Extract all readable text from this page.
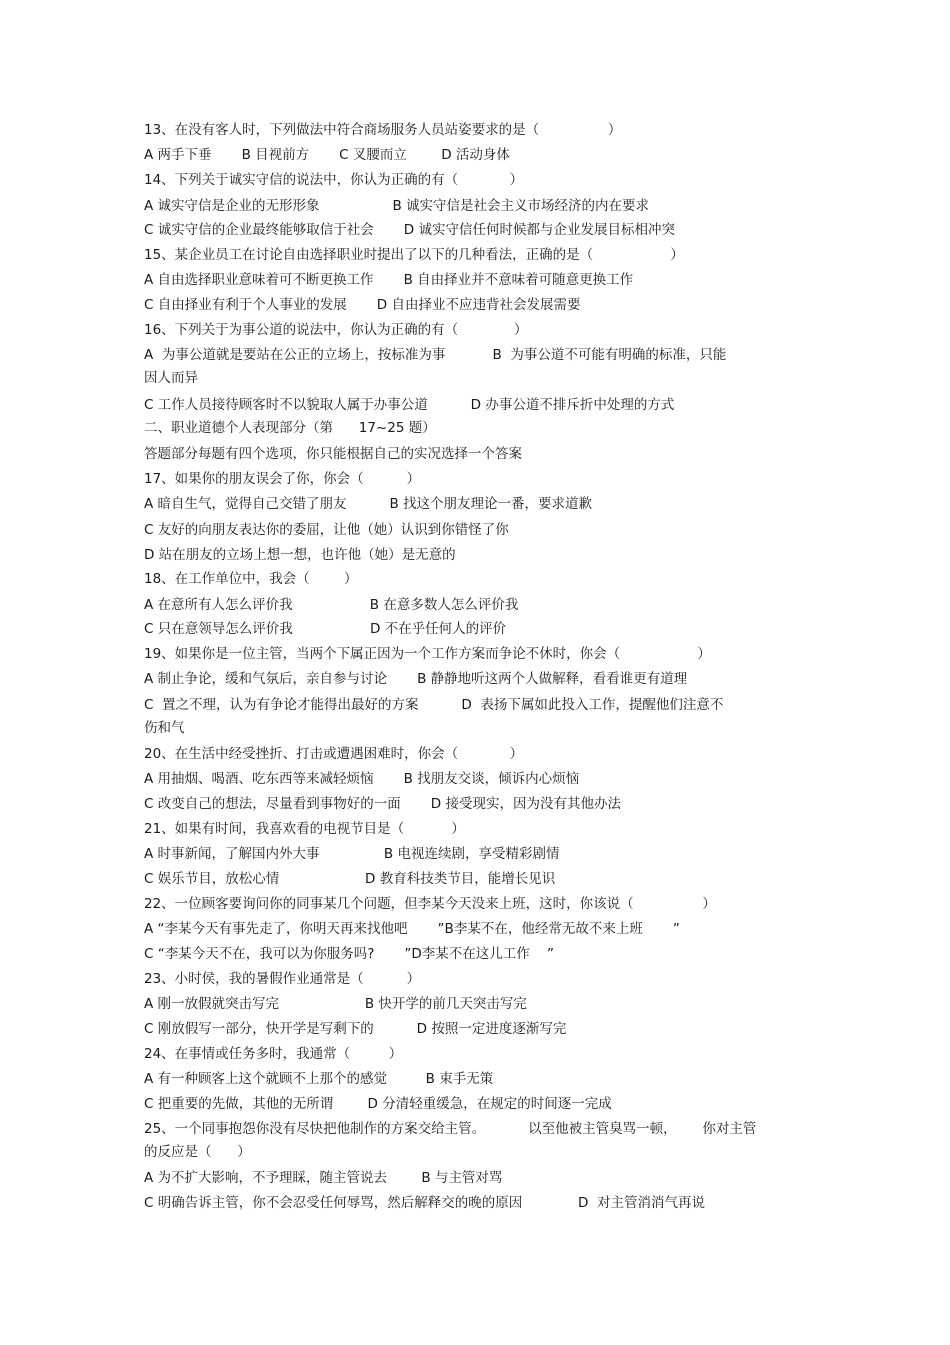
13、在没有客人时，下列做法中符合商场服务人员站姿要求的是（                ）
A 两手下垂       B 目视前方       C 叉腰而立        D 活动身体
14、下列关于诚实守信的说法中，你认为正确的有（            ）
A 诚实守信是企业的无形形象                 B 诚实守信是社会主义市场经济的内在要求
C 诚实守信的企业最终能够取信于社会       D 诚实守信任何时候都与企业发展目标相冲突
15、某企业员工在讨论自由选择职业时提出了以下的几种看法，正确的是（                  ）
A 自由选择职业意味着可不断更换工作       B 自由择业并不意味着可随意更换工作
C 自由择业有利于个人事业的发展       D 自由择业不应违背社会发展需要
16、下列关于为事公道的说法中，你认为正确的有（             ）
A  为事公道就是要站在公正的立场上，按标准为事           B  为事公道不可能有明确的标准，只能
因人而异
C 工作人员接待顾客时不以貌取人属于办事公道          D 办事公道不排斥折中处理的方式
二、职业道德个人表现部分（第      17~25 题）
答题部分每题有四个选项，你只能根据自己的实况选择一个答案
17、如果你的朋友误会了你，你会（          ）
A 暗自生气，觉得自己交错了朋友          B 找这个朋友理论一番，要求道歉
C 友好的向朋友表达你的委屈，让他（她）认识到你错怪了你
D 站在朋友的立场上想一想，也许他（她）是无意的
18、在工作单位中，我会（        ）
A 在意所有人怎么评价我                  B 在意多数人怎么评价我
C 只在意领导怎么评价我                  D 不在乎任何人的评价
19、如果你是一位主管，当两个下属正因为一个工作方案而争论不休时，你会（                  ）
A 制止争论，缓和气氛后，亲自参与讨论       B 静静地听这两个人做解释，看看谁更有道理
C  置之不理，认为有争论才能得出最好的方案          D  表扬下属如此投入工作，提醒他们注意不
伤和气
20、在生活中经受挫折、打击或遭遇困难时，你会（            ）
A 用抽烟、喝酒、吃东西等来减轻烦恼       B 找朋友交谈，倾诉内心烦恼
C 改变自己的想法，尽量看到事物好的一面       D 接受现实，因为没有其他办法
21、如果有时间，我喜欢看的电视节目是（           ）
A 时事新闻，了解国内外大事               B 电视连续剧，享受精彩剧情
C 娱乐节目，放松心情                    D 教育科技类节目，能增长见识
22、一位顾客要询问你的同事某几个问题，但李某今天没来上班，这时，你该说（                ）
A “李某今天有事先走了，你明天再来找他吧       ”B李某不在，他经常无故不来上班       ”
C “李某今天不在，我可以为你服务吗?       ”D李某不在这儿工作    ”
23、小时侯，我的暑假作业通常是（          ）
A 刚一放假就突击写完                    B 快开学的前几天突击写完
C 刚放假写一部分，快开学是写剩下的          D 按照一定进度逐渐写完
24、在事情或任务多时，我通常（         ）
A 有一种顾客上这个就顾不上那个的感觉         B 束手无策
C 把重要的先做，其他的无所谓        D 分清轻重缓急，在规定的时间逐一完成
25、一个同事抱怨你没有尽快把他制作的方案交给主管。          以至他被主管臭骂一顿，      你对主管
的反应是（      ）
A 为不扩大影响，不予理睬，随主管说去        B 与主管对骂
C 明确告诉主管，你不会忍受任何辱骂，然后解释交的晚的原因             D  对主管消消气再说
